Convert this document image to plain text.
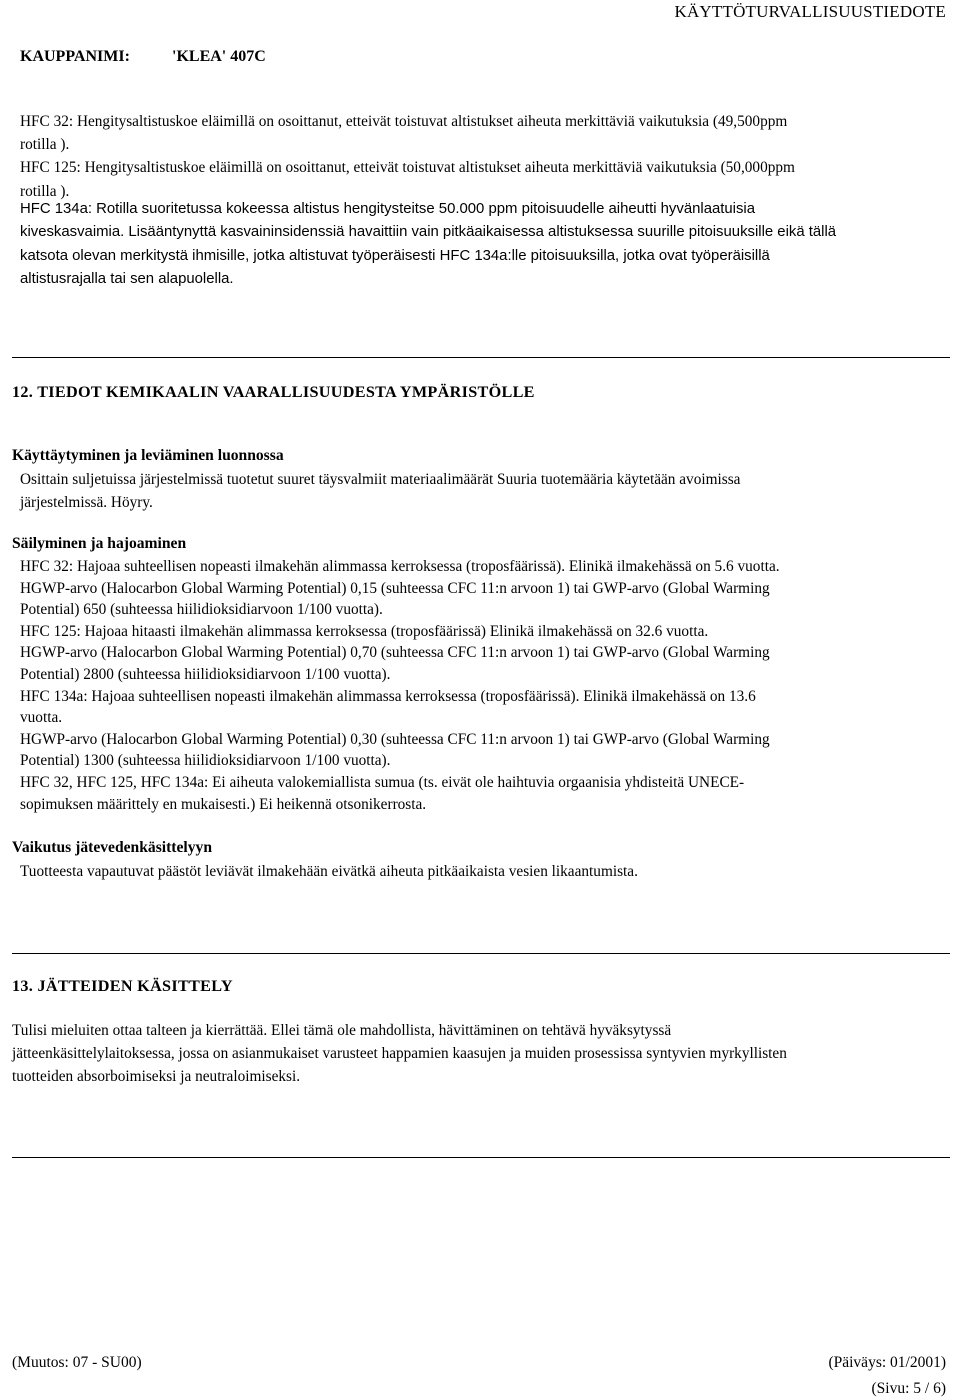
KÄYTTÖTURVALLISUUSTIEDOTE
KAUPPANIMI:	'KLEA' 407C

HFC 32: Hengitysaltistuskoe eläimillä on osoittanut, etteivät toistuvat altistukset aiheuta merkittäviä vaikutuksia (49,500ppm

rotilla ).

HFC 125: Hengitysaltistuskoe eläimillä on osoittanut, etteivät toistuvat altistukset aiheuta merkittäviä vaikutuksia (50,000ppm

rotilla ).

HFC 134a: Rotilla suoritetussa kokeessa altistus hengitysteitse 50.000 ppm pitoisuudelle aiheutti hyvänlaatuisia

kiveskasvaimia. Lisääntynyttä kasvaininsidenssiä havaittiin vain pitkäaikaisessa altistuksessa suurille pitoisuuksille eikä tällä

katsota olevan merkitystä ihmisille, jotka altistuvat työperäisesti HFC 134a:lle pitoisuuksilla, jotka ovat työperäisillä

altistusrajalla tai sen alapuolella.

12. TIEDOT KEMIKAALIN VAARALLISUUDESTA YMPÄRISTÖLLE
Käyttäytyminen ja leviäminen luonnossa

Osittain suljetuissa järjestelmissä tuotetut suuret täysvalmiit materiaalimäärät Suuria tuotemääria käytetään avoimissa

järjestelmissä. Höyry.

Säilyminen ja hajoaminen

HFC 32: Hajoaa suhteellisen nopeasti ilmakehän alimmassa kerroksessa (troposfäärissä). Elinikä ilmakehässä on 5.6 vuotta.

HGWP-arvo (Halocarbon Global Warming Potential) 0,15 (suhteessa CFC 11:n arvoon 1) tai GWP-arvo (Global Warming

Potential) 650 (suhteessa hiilidioksidiarvoon 1/100 vuotta).

HFC 125: Hajoaa hitaasti ilmakehän alimmassa kerroksessa (troposfäärissä) Elinikä ilmakehässä on 32.6 vuotta.

HGWP-arvo (Halocarbon Global Warming Potential) 0,70 (suhteessa CFC 11:n arvoon 1) tai GWP-arvo (Global Warming

Potential) 2800 (suhteessa hiilidioksidiarvoon 1/100 vuotta).

HFC 134a: Hajoaa suhteellisen nopeasti ilmakehän alimmassa kerroksessa (troposfäärissä). Elinikä ilmakehässä on 13.6

vuotta.

HGWP-arvo (Halocarbon Global Warming Potential) 0,30 (suhteessa CFC 11:n arvoon 1) tai GWP-arvo (Global Warming

Potential) 1300 (suhteessa hiilidioksidiarvoon 1/100 vuotta).

HFC 32, HFC 125, HFC 134a: Ei aiheuta valokemiallista sumua (ts. eivät ole haihtuvia orgaanisia yhdisteitä UNECE-

sopimuksen määrittely en mukaisesti.) Ei heikennä otsonikerrosta.

Vaikutus jätevedenkäsittelyyn

Tuotteesta vapautuvat päästöt leviävät ilmakehään eivätkä aiheuta pitkäaikaista vesien likaantumista.

13. JÄTTEIDEN KÄSITTELY

Tulisi mieluiten ottaa talteen ja kierrättää. Ellei tämä ole mahdollista, hävittäminen on tehtävä hyväksytyssä

jätteenkäsittelylaitoksessa, jossa on asianmukaiset varusteet happamien kaasujen ja muiden prosessissa syntyvien myrkyllisten

tuotteiden absorboimiseksi ja neutraloimiseksi.

(Muutos: 07 - SU00)	(Päiväys: 01/2001)
(Sivu: 5 / 6)
